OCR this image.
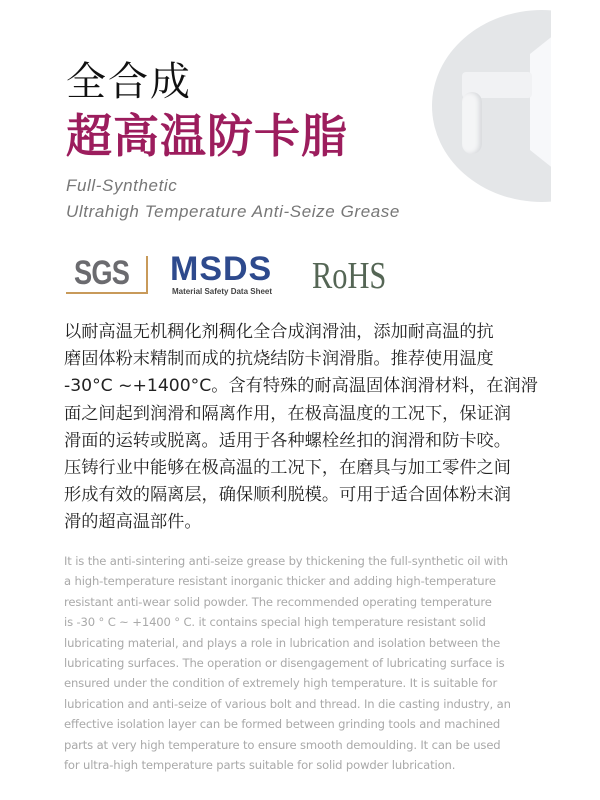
全合成
超高温防卡脂
Full-Synthetic
Ultrahigh Temperature Anti-Seize Grease
SGS MSDS
Material Safety Data Sheet RoHS
以耐高温无机稠化剂稠化全合成润滑油，添加耐高温的抗
磨固体粉末精制而成的抗烧结防卡润滑脂。推荐使用温度
-30°C ~+1400°C。含有特殊的耐高温固体润滑材料，在润滑
面之间起到润滑和隔离作用，在极高温度的工况下，保证润
滑面的运转或脱离。适用于各种螺栓丝扣的润滑和防卡咬。
压铸行业中能够在极高温的工况下，在磨具与加工零件之间
形成有效的隔离层，确保顺利脱模。可用于适合固体粉末润
滑的超高温部件。
It is the anti-sintering anti-seize grease by thickening the full-synthetic oil with
a high-temperature resistant inorganic thicker and adding high-temperature
resistant anti-wear solid powder. The recommended operating temperature
is -30 ° C ~ +1400 ° C. it contains special high temperature resistant solid
lubricating material, and plays a role in lubrication and isolation between the
lubricating surfaces. The operation or disengagement of lubricating surface is
ensured under the condition of extremely high temperature. It is suitable for
lubrication and anti-seize of various bolt and thread. In die casting industry, an
effective isolation layer can be formed between grinding tools and machined
parts at very high temperature to ensure smooth demoulding. It can be used
for ultra-high temperature parts suitable for solid powder lubrication.
